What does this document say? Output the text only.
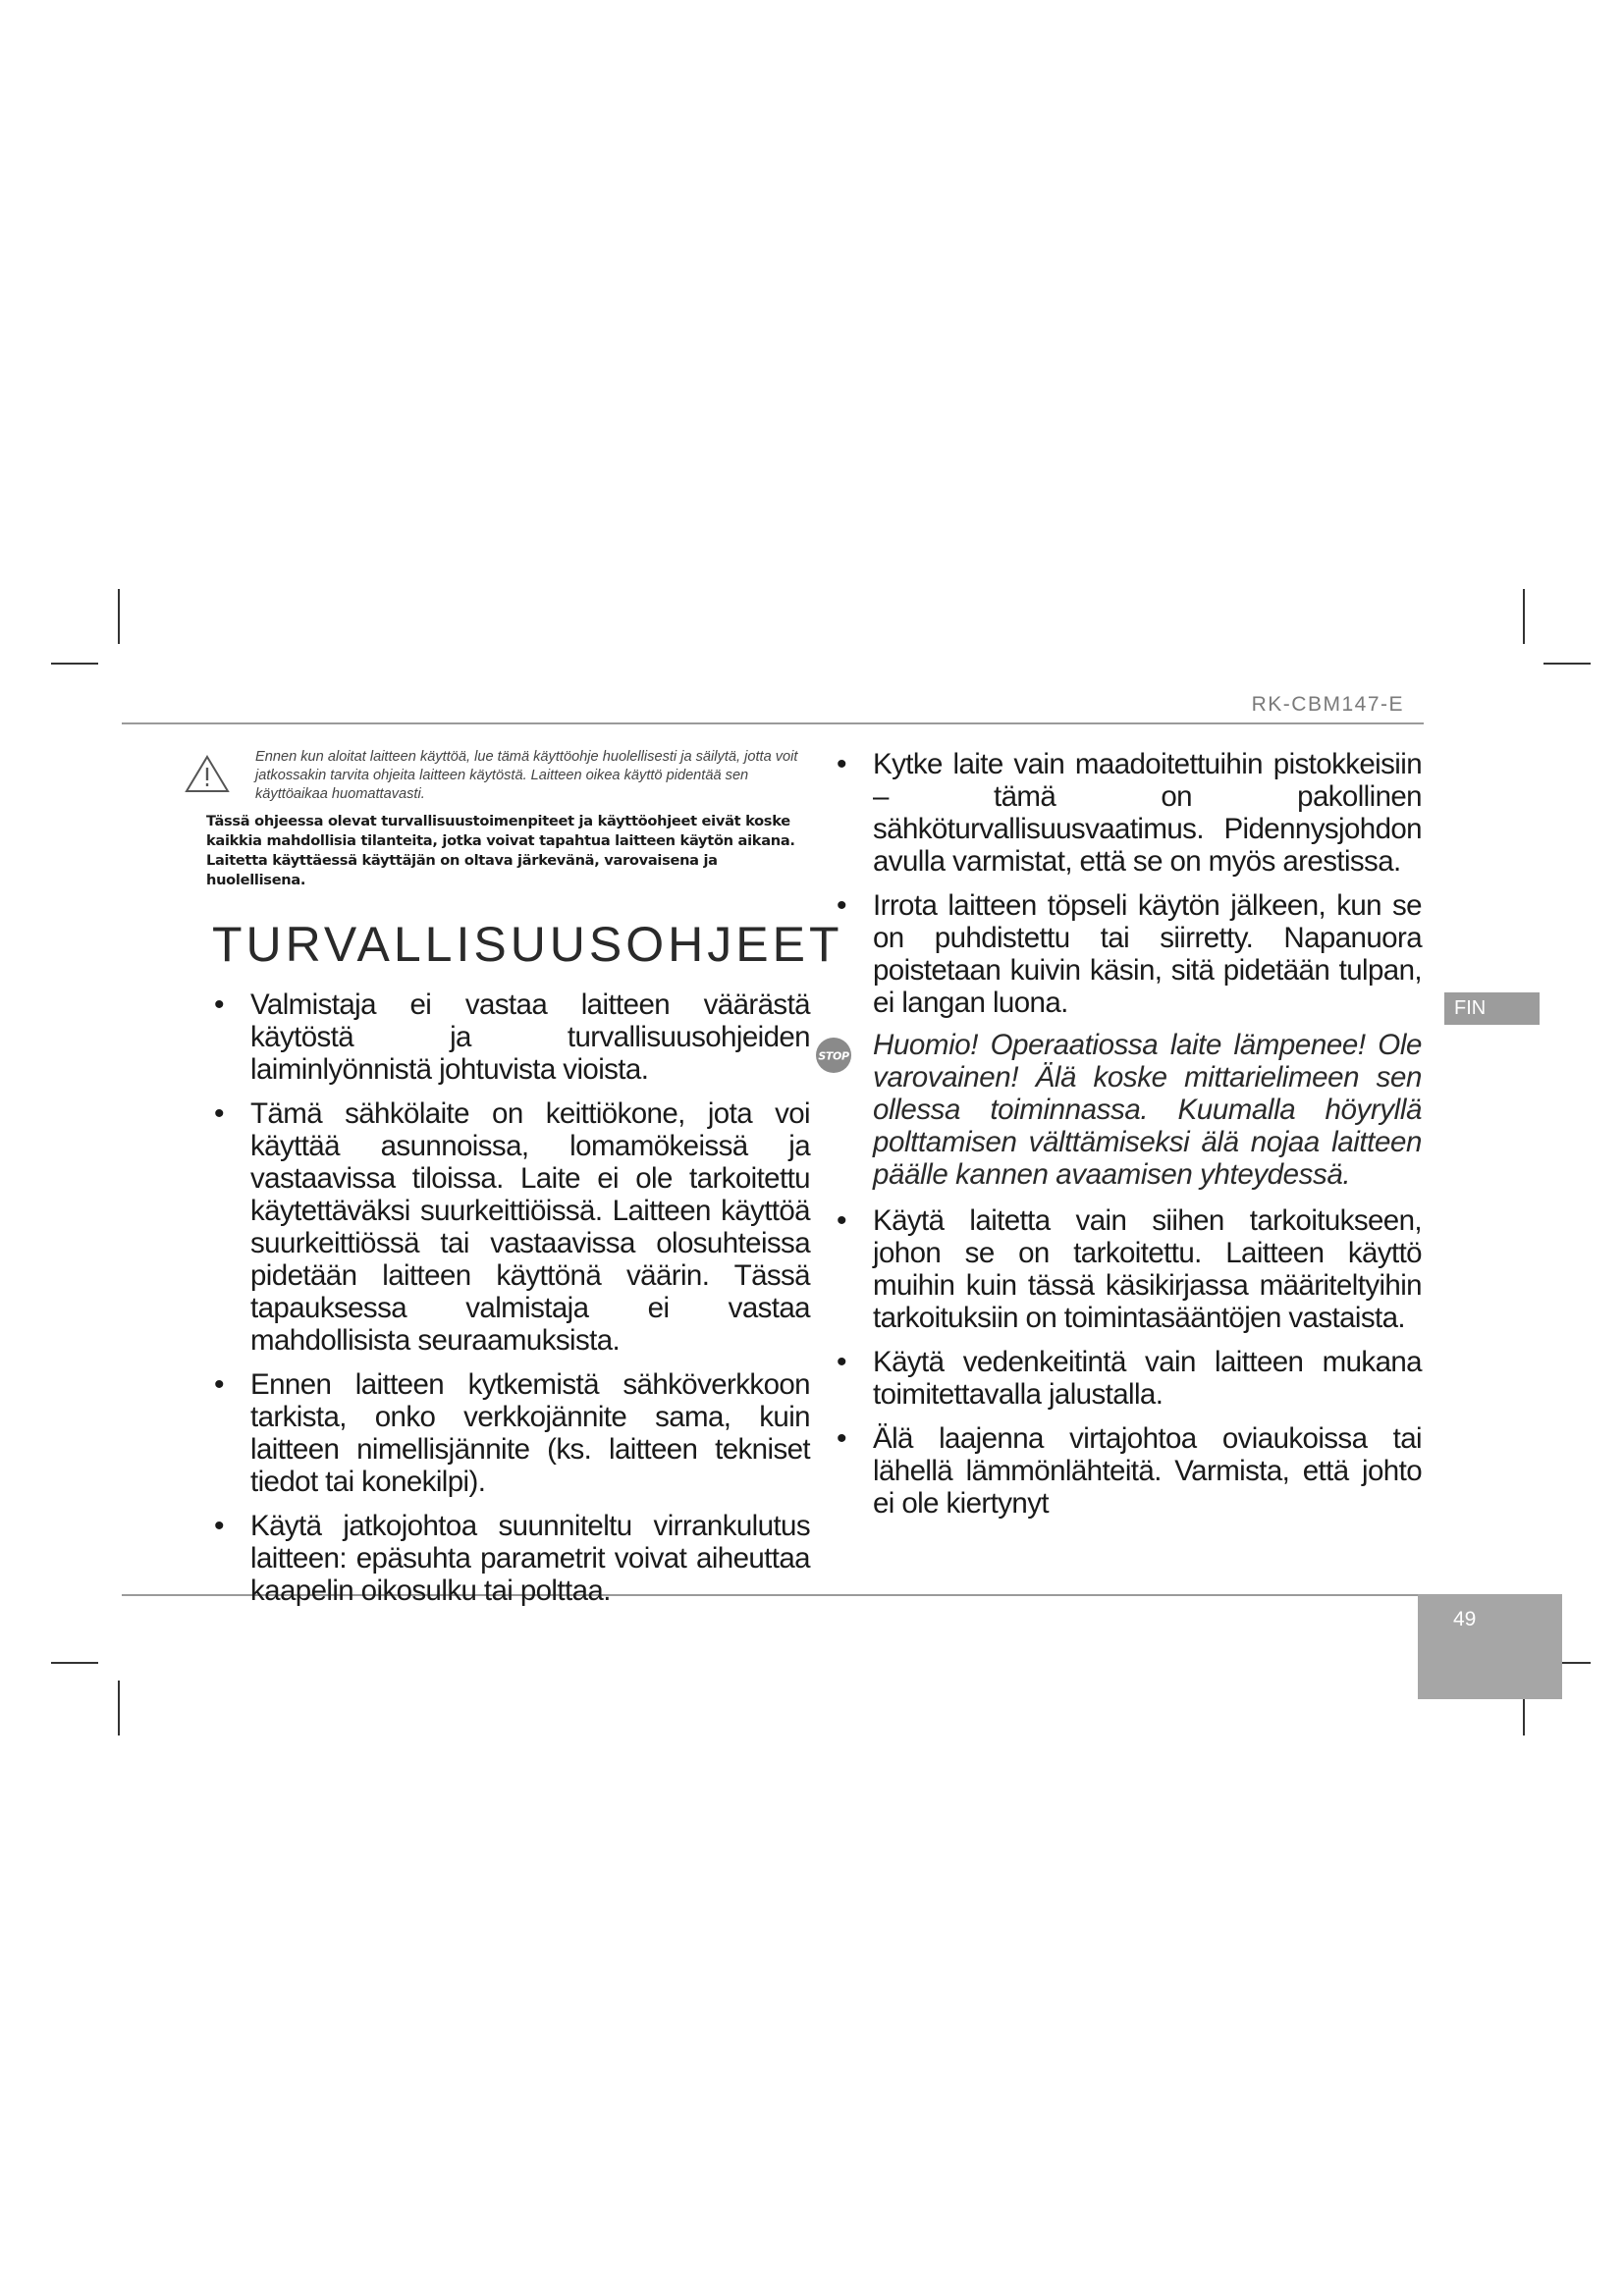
RK-CBM147-E
FIN
49
Ennen kun aloitat laitteen käyttöä, lue tämä käyttöohje huolellisesti ja säilytä, jotta voit jatkossakin tarvita ohjeita laitteen käytöstä. Laitteen oikea käyttö pidentää sen käyttöaikaa huomattavasti.
Tässä ohjeessa olevat turvallisuustoimenpiteet ja käyttöohjeet eivät koske kaikkia mahdollisia tilanteita, jotka voivat tapahtua laitteen käytön aikana. Laitetta käyttäessä käyttäjän on oltava järkevänä, varovaisena ja huolellisena.
TURVALLISUUSOHJEET
• Valmistaja ei vastaa laitteen väärästä käytöstä ja turvallisuusohjeiden laiminlyönnistä johtuvista vioista.
• Tämä sähkölaite on keittiökone, jota voi käyttää asunnoissa, lomamökeissä ja vastaavissa tiloissa. Laite ei ole tarkoitettu käytettäväksi suurkeittiöissä. Laitteen käyttöä suurkeittiössä tai vastaavissa olosuhteissa pidetään laitteen käyttönä väärin. Tässä tapauksessa valmistaja ei vastaa mahdollisista seuraamuksista.
• Ennen laitteen kytkemistä sähköverkkoon tarkista, onko verkkojännite sama, kuin laitteen nimellisjännite (ks. laitteen tekniset tiedot tai konekilpi).
• Käytä jatkojohtoa suunniteltu virrankulutus laitteen: epäsuhta parametrit voivat aiheuttaa kaapelin oikosulku tai polttaa.
• Kytke laite vain maadoitettuihin pistokkeisiin – tämä on pakollinen sähköturvallisuusvaatimus. Pidennysjohdon avulla varmistat, että se on myös arestissa.
• Irrota laitteen töpseli käytön jälkeen, kun se on puhdistettu tai siirretty. Napanuora poistetaan kuivin käsin, sitä pidetään tulpan, ei langan luona.
STOP Huomio! Operaatiossa laite lämpenee! Ole varovainen! Älä koske mittarielimeen sen ollessa toiminnassa. Kuumalla höyryllä polttamisen välttämiseksi älä nojaa laitteen päälle kannen avaamisen yhteydessä.
• Käytä laitetta vain siihen tarkoitukseen, johon se on tarkoitettu. Laitteen käyttö muihin kuin tässä käsikirjassa määriteltyihin tarkoituksiin on toimintasääntöjen vastaista.
• Käytä vedenkeitintä vain laitteen mukana toimitettavalla jalustalla.
• Älä laajenna virtajohtoa oviaukoissa tai lähellä lämmönlähteitä. Varmista, että johto ei ole kiertynyt
